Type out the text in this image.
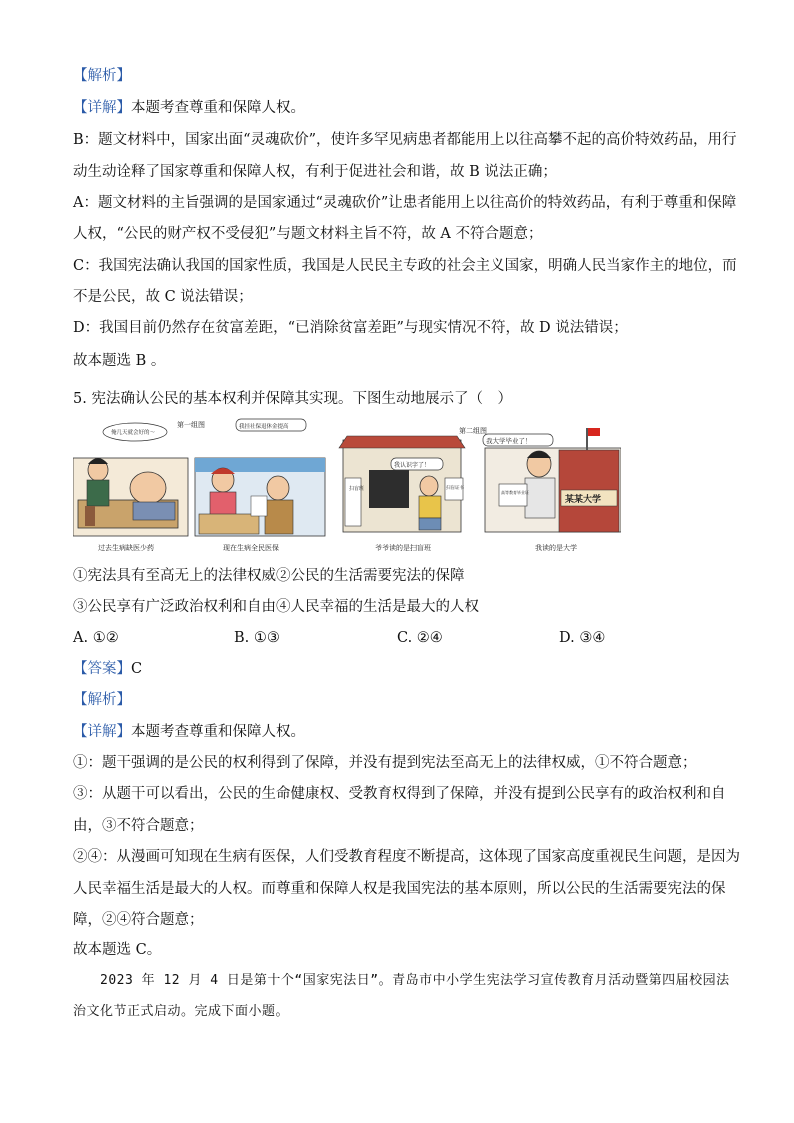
【解析】
【详解】本题考查尊重和保障人权。
B：题文材料中，国家出面“灵魂砍价”，使许多罕见病患者都能用上以往高攀不起的高价特效药品，用行
动生动诠释了国家尊重和保障人权，有利于促进社会和谐，故 B 说法正确；
A：题文材料的主旨强调的是国家通过“灵魂砍价”让患者能用上以往高价的特效药品，有利于尊重和保障
人权，“公民的财产权不受侵犯”与题文材料主旨不符，故 A 不符合题意；
C：我国宪法确认我国的国家性质，我国是人民民主专政的社会主义国家，明确人民当家作主的地位，而
不是公民，故 C 说法错误；
D：我国目前仍然存在贫富差距，“已消除贫富差距”与现实情况不符，故 D 说法错误；
故本题选 B 。
5. 宪法确认公民的基本权利并保障其实现。下图生动地展示了（　）
第一组图
第二组图
俺几天就会好的～
我挂社保退休金提高
扫盲班	扫盲证书
我认识字了！
某某大学
高等教育毕业证
我大学毕业了！
过去生病缺医少药	现在生病全民医保	爷爷读的是扫盲班	我读的是大学
①宪法具有至高无上的法律权威②公民的生活需要宪法的保障
③公民享有广泛政治权利和自由④人民幸福的生活是最大的人权
A. ①②	B. ①③	C. ②④	D. ③④
【答案】C
【解析】
【详解】本题考查尊重和保障人权。
①：题干强调的是公民的权利得到了保障，并没有提到宪法至高无上的法律权威，①不符合题意；
③：从题干可以看出，公民的生命健康权、受教育权得到了保障，并没有提到公民享有的政治权利和自
由，③不符合题意；
②④：从漫画可知现在生病有医保，人们受教育程度不断提高，这体现了国家高度重视民生问题，是因为
人民幸福生活是最大的人权。而尊重和保障人权是我国宪法的基本原则，所以公民的生活需要宪法的保
障，②④符合题意；
故本题选 C。
2023 年 12 月 4 日是第十个“国家宪法日”。青岛市中小学生宪法学习宣传教育月活动暨第四届校园法
治文化节正式启动。完成下面小题。
